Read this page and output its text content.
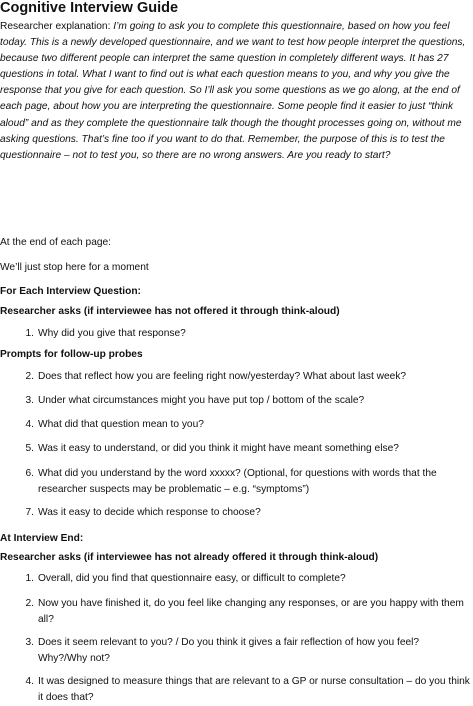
Cognitive Interview Guide

Researcher explanation: I’m going to ask you to complete this questionnaire, based on how you feel today. This is a newly developed questionnaire, and we want to test how people interpret the questions, because two different people can interpret the same question in completely different ways. It has 27 questions in total. What I want to find out is what each question means to you, and why you give the response that you give for each question. So I’ll ask you some questions as we go along, at the end of each page, about how you are interpreting the questionnaire. Some people find it easier to just “think aloud” and as they complete the questionnaire talk though the thought processes going on, without me asking questions. That’s fine too if you want to do that. Remember, the purpose of this is to test the questionnaire – not to test you, so there are no wrong answers. Are you ready to start?

At the end of each page:

We’ll just stop here for a moment

For Each Interview Question:

Researcher asks (if interviewee has not offered it through think-aloud)

1. Why did you give that response?

Prompts for follow-up probes

2. Does that reflect how you are feeling right now/yesterday? What about last week?
3. Under what circumstances might you have put top / bottom of the scale?
4. What did that question mean to you?
5. Was it easy to understand, or did you think it might have meant something else?
6. What did you understand by the word xxxxx? (Optional, for questions with words that the researcher suspects may be problematic – e.g. “symptoms”)
7. Was it easy to decide which response to choose?

At Interview End:

Researcher asks (if interviewee has not already offered it through think-aloud)

1. Overall, did you find that questionnaire easy, or difficult to complete?
2. Now you have finished it, do you feel like changing any responses, or are you happy with them all?
3. Does it seem relevant to you? / Do you think it gives a fair reflection of how you feel? Why?/Why not?
4. It was designed to measure things that are relevant to a GP or nurse consultation – do you think it does that?
